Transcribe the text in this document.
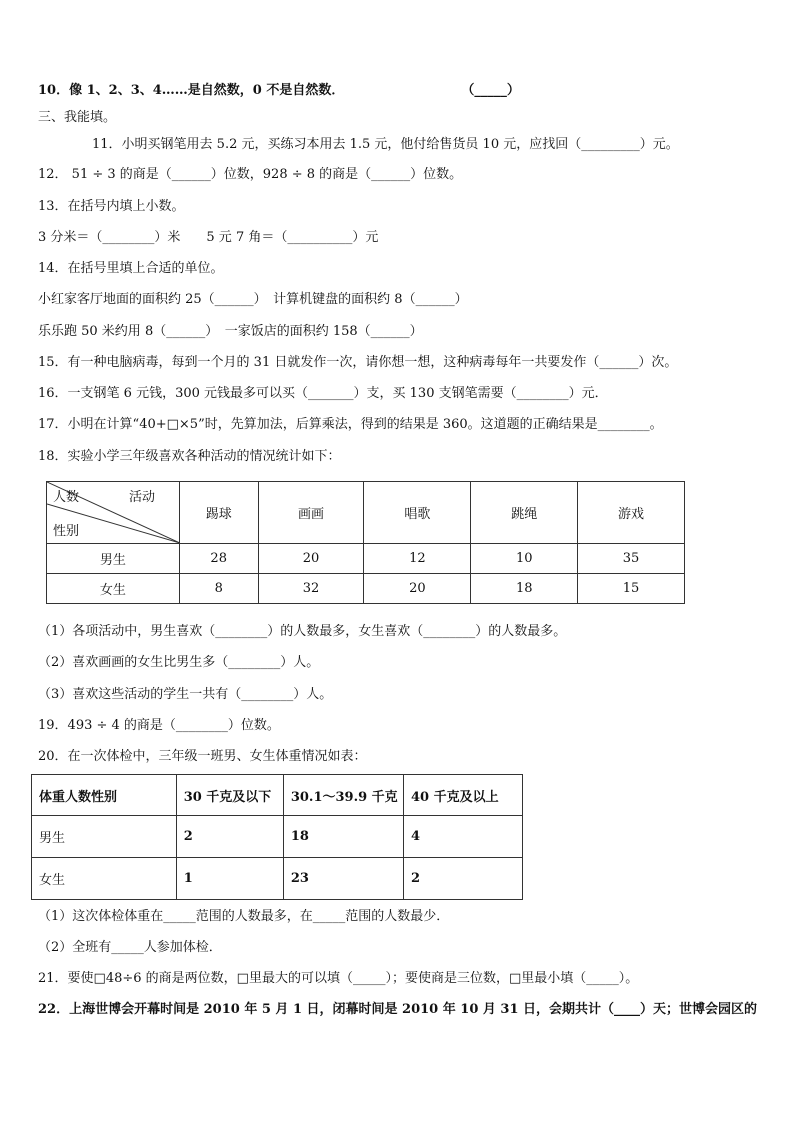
10．像 1、2、3、4……是自然数，0 不是自然数．　　　　　　　　　　（_____）
三、我能填。
11．小明买钢笔用去 5.2 元，买练习本用去 1.5 元，他付给售货员 10 元，应找回（_________）元。
12． 51 ÷ 3 的商是（______）位数，928 ÷ 8 的商是（______）位数。
13．在括号内填上小数。
3 分米＝（________）米　　5 元 7 角＝（__________）元
14．在括号里填上合适的单位。
小红家客厅地面的面积约 25（______）　计算机键盘的面积约 8（______）
乐乐跑 50 米约用 8（______）　一家饭店的面积约 158（______）
15．有一种电脑病毒，每到一个月的 31 日就发作一次，请你想一想，这种病毒每年一共要发作（______）次。
16．一支钢笔 6 元钱，300 元钱最多可以买（_______）支，买 130 支钢笔需要（________）元．
17．小明在计算“40+□×5”时，先算加法，后算乘法，得到的结果是 360。这道题的正确结果是________。
18．实验小学三年级喜欢各种活动的情况统计如下：
人数 活动
性别	踢球	画画	唱歌	跳绳	游戏
男生	28	20	12	10	35
女生	8	32	20	18	15
（1）各项活动中，男生喜欢（________）的人数最多，女生喜欢（________）的人数最多。
（2）喜欢画画的女生比男生多（________）人。
（3）喜欢这些活动的学生一共有（________）人。
19．493 ÷ 4 的商是（________）位数。
20．在一次体检中，三年级一班男、女生体重情况如表：
体重人数性别	30 千克及以下	30.1～39.9 千克	40 千克及以上
男生	2	18	4
女生	1	23	2
（1）这次体检体重在_____范围的人数最多，在_____范围的人数最少．
（2）全班有_____人参加体检．
21．要使□48÷6 的商是两位数，□里最大的可以填（_____）；要使商是三位数，□里最小填（_____）。
22．上海世博会开幕时间是 2010 年 5 月 1 日，闭幕时间是 2010 年 10 月 31 日，会期共计（____）天；世博会园区的
